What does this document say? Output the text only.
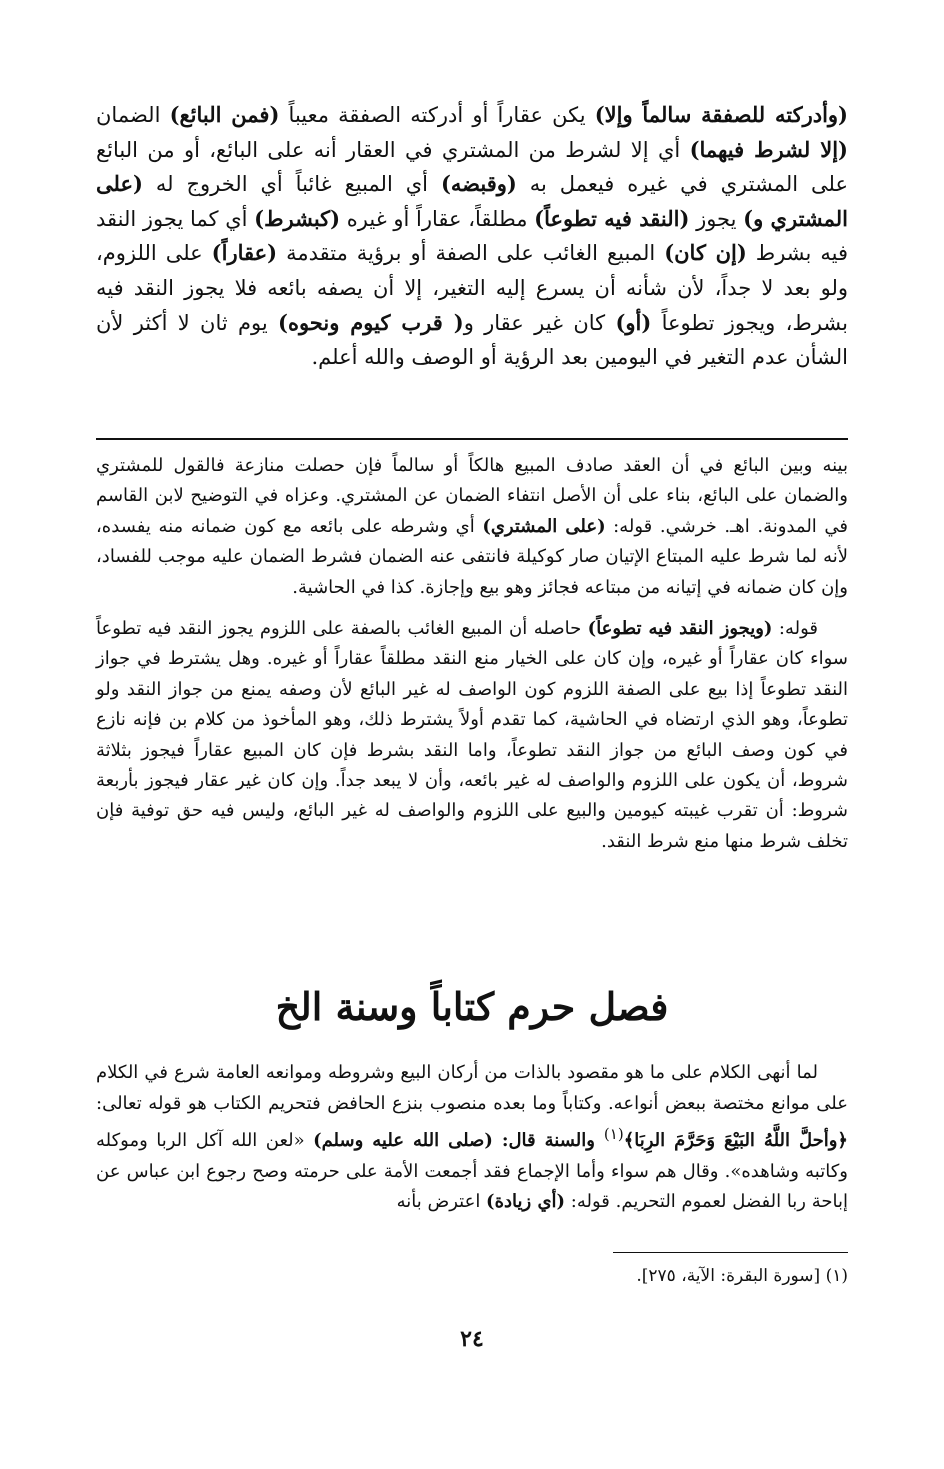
(وأدركته للصفقة سالماً وإلا) يكن عقاراً أو أدركته الصفقة معيباً (فمن البائع) الضمان (إلا لشرط فيهما) أي إلا لشرط من المشتري في العقار أنه على البائع، أو من البائع على المشتري في غيره فيعمل به (وقبضه) أي المبيع غائباً أي الخروج له (على المشتري و) يجوز (النقد فيه تطوعاً) مطلقاً، عقاراً أو غيره (كبشرط) أي كما يجوز النقد فيه بشرط (إن كان) المبيع الغائب على الصفة أو برؤية متقدمة (عقاراً) على اللزوم، ولو بعد لا جداً، لأن شأنه أن يسرع إليه التغير، إلا أن يصفه بائعه فلا يجوز النقد فيه بشرط، ويجوز تطوعاً (أو) كان غير عقار و( قرب كيوم ونحوه) يوم ثان لا أكثر لأن الشأن عدم التغير في اليومين بعد الرؤية أو الوصف والله أعلم.

بينه وبين البائع في أن العقد صادف المبيع هالكاً أو سالماً فإن حصلت منازعة فالقول للمشتري والضمان على البائع، بناء على أن الأصل انتفاء الضمان عن المشتري. وعزاه في التوضيح لابن القاسم في المدونة. اهـ. خرشي. قوله: (على المشتري) أي وشرطه على بائعه مع كون ضمانه منه يفسده، لأنه لما شرط عليه المبتاع الإتيان صار كوكيلة فانتفى عنه الضمان فشرط الضمان عليه موجب للفساد، وإن كان ضمانه في إتيانه من مبتاعه فجائز وهو بيع وإجازة. كذا في الحاشية.

قوله: (ويجوز النقد فيه تطوعاً) حاصله أن المبيع الغائب بالصفة على اللزوم يجوز النقد فيه تطوعاً سواء كان عقاراً أو غيره، وإن كان على الخيار منع النقد مطلقاً عقاراً أو غيره. وهل يشترط في جواز النقد تطوعاً إذا بيع على الصفة اللزوم كون الواصف له غير البائع لأن وصفه يمنع من جواز النقد ولو تطوعاً، وهو الذي ارتضاه في الحاشية، كما تقدم أولاً يشترط ذلك، وهو المأخوذ من كلام بن فإنه نازع في كون وصف البائع من جواز النقد تطوعاً، واما النقد بشرط فإن كان المبيع عقاراً فيجوز بثلاثة شروط، أن يكون على اللزوم والواصف له غير بائعه، وأن لا يبعد جداً. وإن كان غير عقار فيجوز بأربعة شروط: أن تقرب غيبته كيومين والبيع على اللزوم والواصف له غير البائع، وليس فيه حق توفية فإن تخلف شرط منها منع شرط النقد.

فصل حرم كتاباً وسنة الخ

لما أنهى الكلام على ما هو مقصود بالذات من أركان البيع وشروطه وموانعه العامة شرع في الكلام على موانع مختصة ببعض أنواعه. وكتاباً وما بعده منصوب بنزع الحافض فتحريم الكتاب هو قوله تعالى: ﴿وأحلَّ اللَّهُ البَيْعَ وَحَرَّمَ الرِبَا﴾$^{(١)}$ والسنة قال: (صلى الله عليه وسلم) «لعن الله آكل الربا وموكله وكاتبه وشاهده». وقال هم سواء وأما الإجماع فقد أجمعت الأمة على حرمته وصح رجوع ابن عباس عن إباحة ربا الفضل لعموم التحريم. قوله: (أي زيادة) اعترض بأنه

(١) [سورة البقرة: الآية، ٢٧٥].
٢٤
